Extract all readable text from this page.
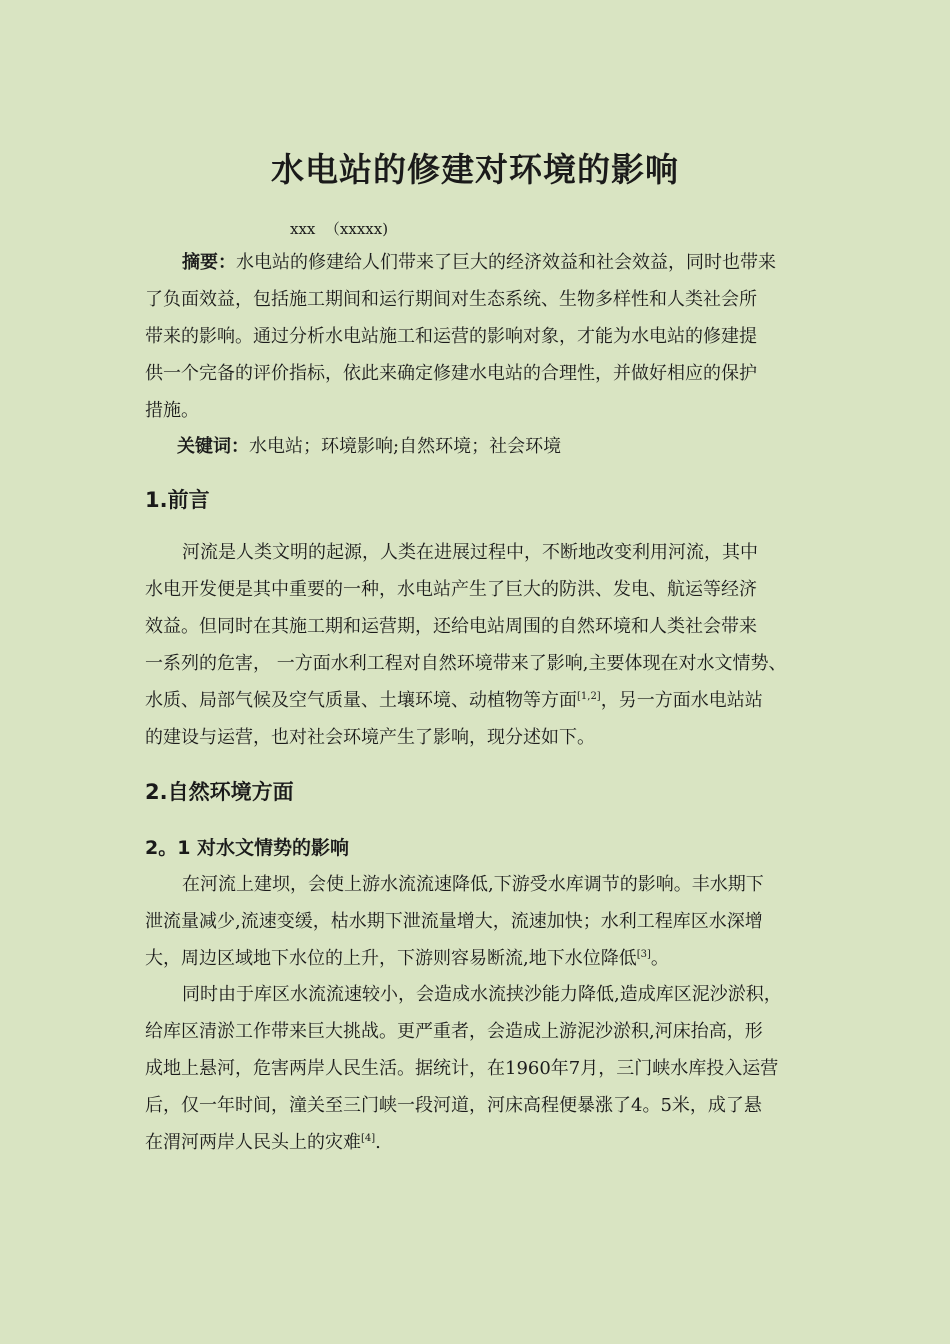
水电站的修建对环境的影响

xxx  （xxxxx)

摘要：水电站的修建给人们带来了巨大的经济效益和社会效益，同时也带来
了负面效益，包括施工期间和运行期间对生态系统、生物多样性和人类社会所
带来的影响。通过分析水电站施工和运营的影响对象，才能为水电站的修建提
供一个完备的评价指标，依此来确定修建水电站的合理性，并做好相应的保护
措施。
关键词：水电站；环境影响;自然环境；社会环境
1.前言
河流是人类文明的起源，人类在进展过程中，不断地改变利用河流，其中
水电开发便是其中重要的一种，水电站产生了巨大的防洪、发电、航运等经济
效益。但同时在其施工期和运营期，还给电站周围的自然环境和人类社会带来
一系列的危害， 一方面水利工程对自然环境带来了影响,主要体现在对水文情势、
水质、局部气候及空气质量、土壤环境、动植物等方面[1,2]，另一方面水电站站
的建设与运营，也对社会环境产生了影响，现分述如下。
2.自然环境方面
2。1 对水文情势的影响
在河流上建坝，会使上游水流流速降低,下游受水库调节的影响。丰水期下
泄流量减少,流速变缓，枯水期下泄流量增大，流速加快；水利工程库区水深增
大，周边区域地下水位的上升，下游则容易断流,地下水位降低[3]。
同时由于库区水流流速较小，会造成水流挟沙能力降低,造成库区泥沙淤积，
给库区清淤工作带来巨大挑战。更严重者，会造成上游泥沙淤积,河床抬高，形
成地上悬河，危害两岸人民生活。据统计，在1960年7月，三门峡水库投入运营
后，仅一年时间，潼关至三门峡一段河道，河床高程便暴涨了4。5米，成了悬
在渭河两岸人民头上的灾难[4].
